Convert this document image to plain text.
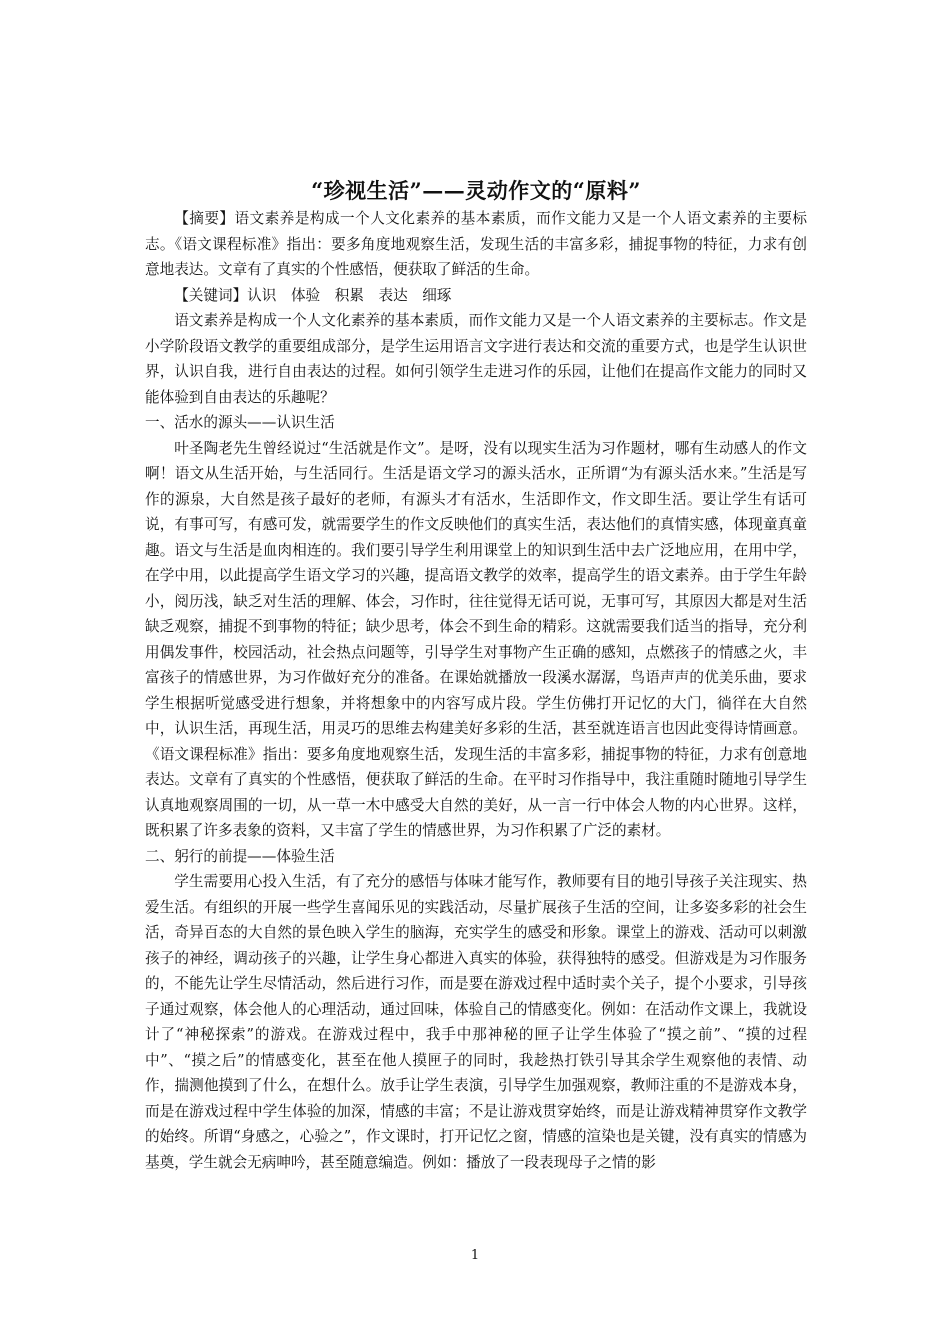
“珍视生活”——灵动作文的“原料”

【摘要】语文素养是构成一个人文化素养的基本素质，而作文能力又是一个人语文素养的主要标志。《语文课程标准》指出：要多角度地观察生活，发现生活的丰富多彩，捕捉事物的特征，力求有创意地表达。文章有了真实的个性感悟，便获取了鲜活的生命。

【关键词】认识　体验　积累　表达　细琢

语文素养是构成一个人文化素养的基本素质，而作文能力又是一个人语文素养的主要标志。作文是小学阶段语文教学的重要组成部分，是学生运用语言文字进行表达和交流的重要方式，也是学生认识世界，认识自我，进行自由表达的过程。如何引领学生走进习作的乐园，让他们在提高作文能力的同时又能体验到自由表达的乐趣呢？

一、活水的源头——认识生活

叶圣陶老先生曾经说过“生活就是作文”。是呀，没有以现实生活为习作题材，哪有生动感人的作文啊！语文从生活开始，与生活同行。生活是语文学习的源头活水，正所谓“为有源头活水来。”生活是写作的源泉，大自然是孩子最好的老师，有源头才有活水，生活即作文，作文即生活。要让学生有话可说，有事可写，有感可发，就需要学生的作文反映他们的真实生活，表达他们的真情实感，体现童真童趣。语文与生活是血肉相连的。我们要引导学生利用课堂上的知识到生活中去广泛地应用，在用中学，在学中用，以此提高学生语文学习的兴趣，提高语文教学的效率，提高学生的语文素养。由于学生年龄小，阅历浅，缺乏对生活的理解、体会，习作时，往往觉得无话可说，无事可写，其原因大都是对生活缺乏观察，捕捉不到事物的特征；缺少思考，体会不到生命的精彩。这就需要我们适当的指导，充分利用偶发事件，校园活动，社会热点问题等，引导学生对事物产生正确的感知，点燃孩子的情感之火，丰富孩子的情感世界，为习作做好充分的准备。在课始就播放一段溪水潺潺，鸟语声声的优美乐曲，要求学生根据听觉感受进行想象，并将想象中的内容写成片段。学生仿佛打开记忆的大门，徜徉在大自然中，认识生活，再现生活，用灵巧的思维去构建美好多彩的生活，甚至就连语言也因此变得诗情画意。《语文课程标准》指出：要多角度地观察生活，发现生活的丰富多彩，捕捉事物的特征，力求有创意地表达。文章有了真实的个性感悟，便获取了鲜活的生命。在平时习作指导中，我注重随时随地引导学生认真地观察周围的一切，从一草一木中感受大自然的美好，从一言一行中体会人物的内心世界。这样，既积累了许多表象的资料，又丰富了学生的情感世界，为习作积累了广泛的素材。

二、躬行的前提——体验生活

学生需要用心投入生活，有了充分的感悟与体味才能写作，教师要有目的地引导孩子关注现实、热爱生活。有组织的开展一些学生喜闻乐见的实践活动，尽量扩展孩子生活的空间，让多姿多彩的社会生活，奇异百态的大自然的景色映入学生的脑海，充实学生的感受和形象。课堂上的游戏、活动可以刺激孩子的神经，调动孩子的兴趣，让学生身心都进入真实的体验，获得独特的感受。但游戏是为习作服务的，不能先让学生尽情活动，然后进行习作，而是要在游戏过程中适时卖个关子，提个小要求，引导孩子通过观察，体会他人的心理活动，通过回味，体验自己的情感变化。例如：在活动作文课上，我就设计了“神秘探索”的游戏。在游戏过程中，我手中那神秘的匣子让学生体验了“摸之前”、“摸的过程中”、“摸之后”的情感变化，甚至在他人摸匣子的同时，我趁热打铁引导其余学生观察他的表情、动作，揣测他摸到了什么，在想什么。放手让学生表演，引导学生加强观察，教师注重的不是游戏本身，而是在游戏过程中学生体验的加深，情感的丰富；不是让游戏贯穿始终，而是让游戏精神贯穿作文教学的始终。所谓“身感之，心验之”，作文课时，打开记忆之窗，情感的渲染也是关键，没有真实的情感为基奠，学生就会无病呻吟，甚至随意编造。例如：播放了一段表现母子之情的影

1
